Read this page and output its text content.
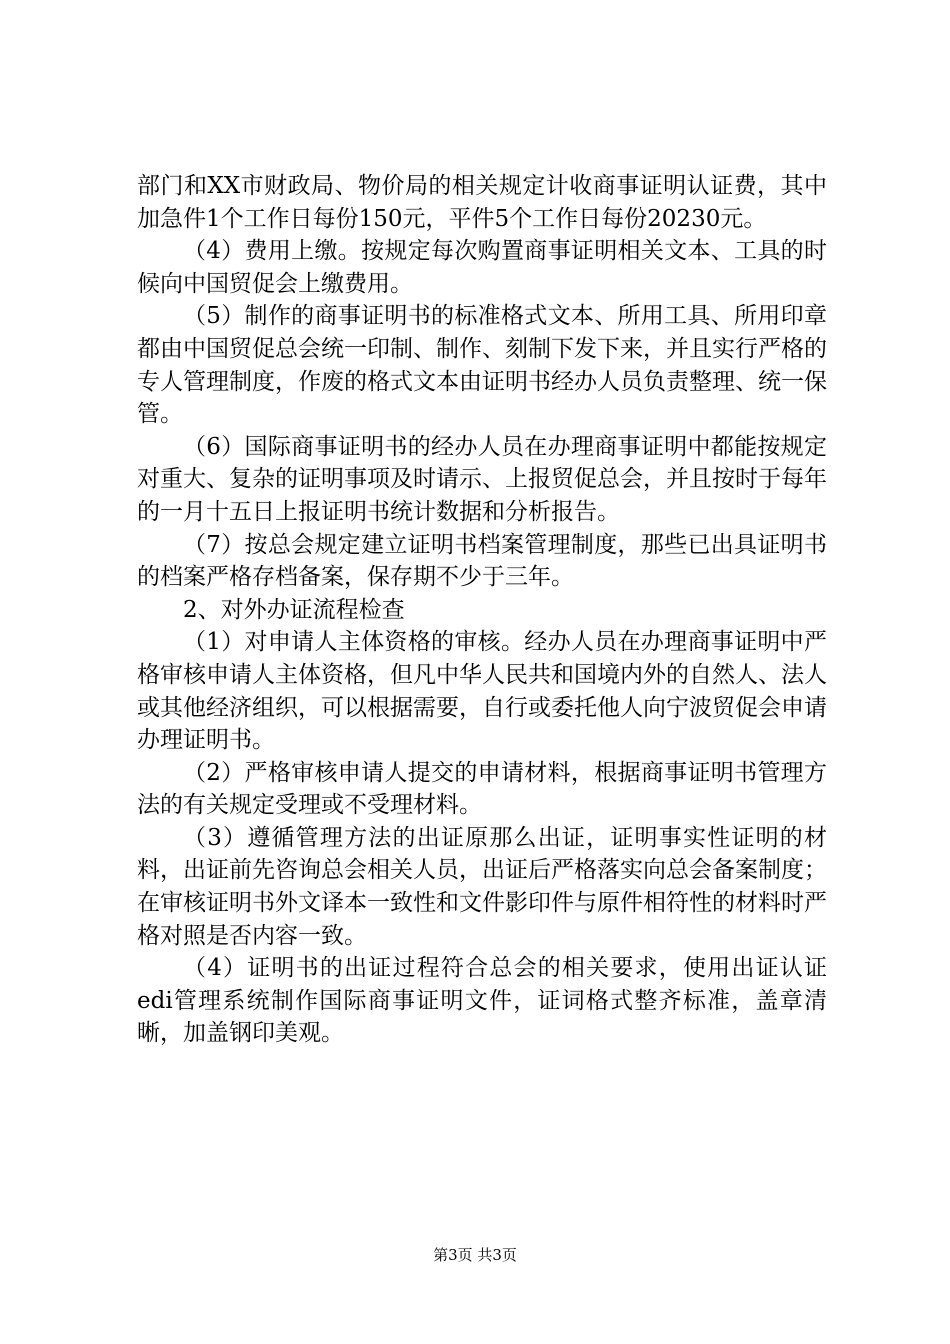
部门和XX市财政局、物价局的相关规定计收商事证明认证费，其中加急件1个工作日每份150元，平件5个工作日每份20230元。

（4）费用上缴。按规定每次购置商事证明相关文本、工具的时候向中国贸促会上缴费用。

（5）制作的商事证明书的标准格式文本、所用工具、所用印章都由中国贸促总会统一印制、制作、刻制下发下来，并且实行严格的专人管理制度，作废的格式文本由证明书经办人员负责整理、统一保管。

（6）国际商事证明书的经办人员在办理商事证明中都能按规定对重大、复杂的证明事项及时请示、上报贸促总会，并且按时于每年的一月十五日上报证明书统计数据和分析报告。

（7）按总会规定建立证明书档案管理制度，那些已出具证明书的档案严格存档备案，保存期不少于三年。

2、对外办证流程检查

（1）对申请人主体资格的审核。经办人员在办理商事证明中严格审核申请人主体资格，但凡中华人民共和国境内外的自然人、法人或其他经济组织，可以根据需要，自行或委托他人向宁波贸促会申请办理证明书。

（2）严格审核申请人提交的申请材料，根据商事证明书管理方法的有关规定受理或不受理材料。

（3）遵循管理方法的出证原那么出证，证明事实性证明的材料，出证前先咨询总会相关人员，出证后严格落实向总会备案制度；在审核证明书外文译本一致性和文件影印件与原件相符性的材料时严格对照是否内容一致。

（4）证明书的出证过程符合总会的相关要求，使用出证认证edi管理系统制作国际商事证明文件，证词格式整齐标准，盖章清晰，加盖钢印美观。

第3页 共3页
